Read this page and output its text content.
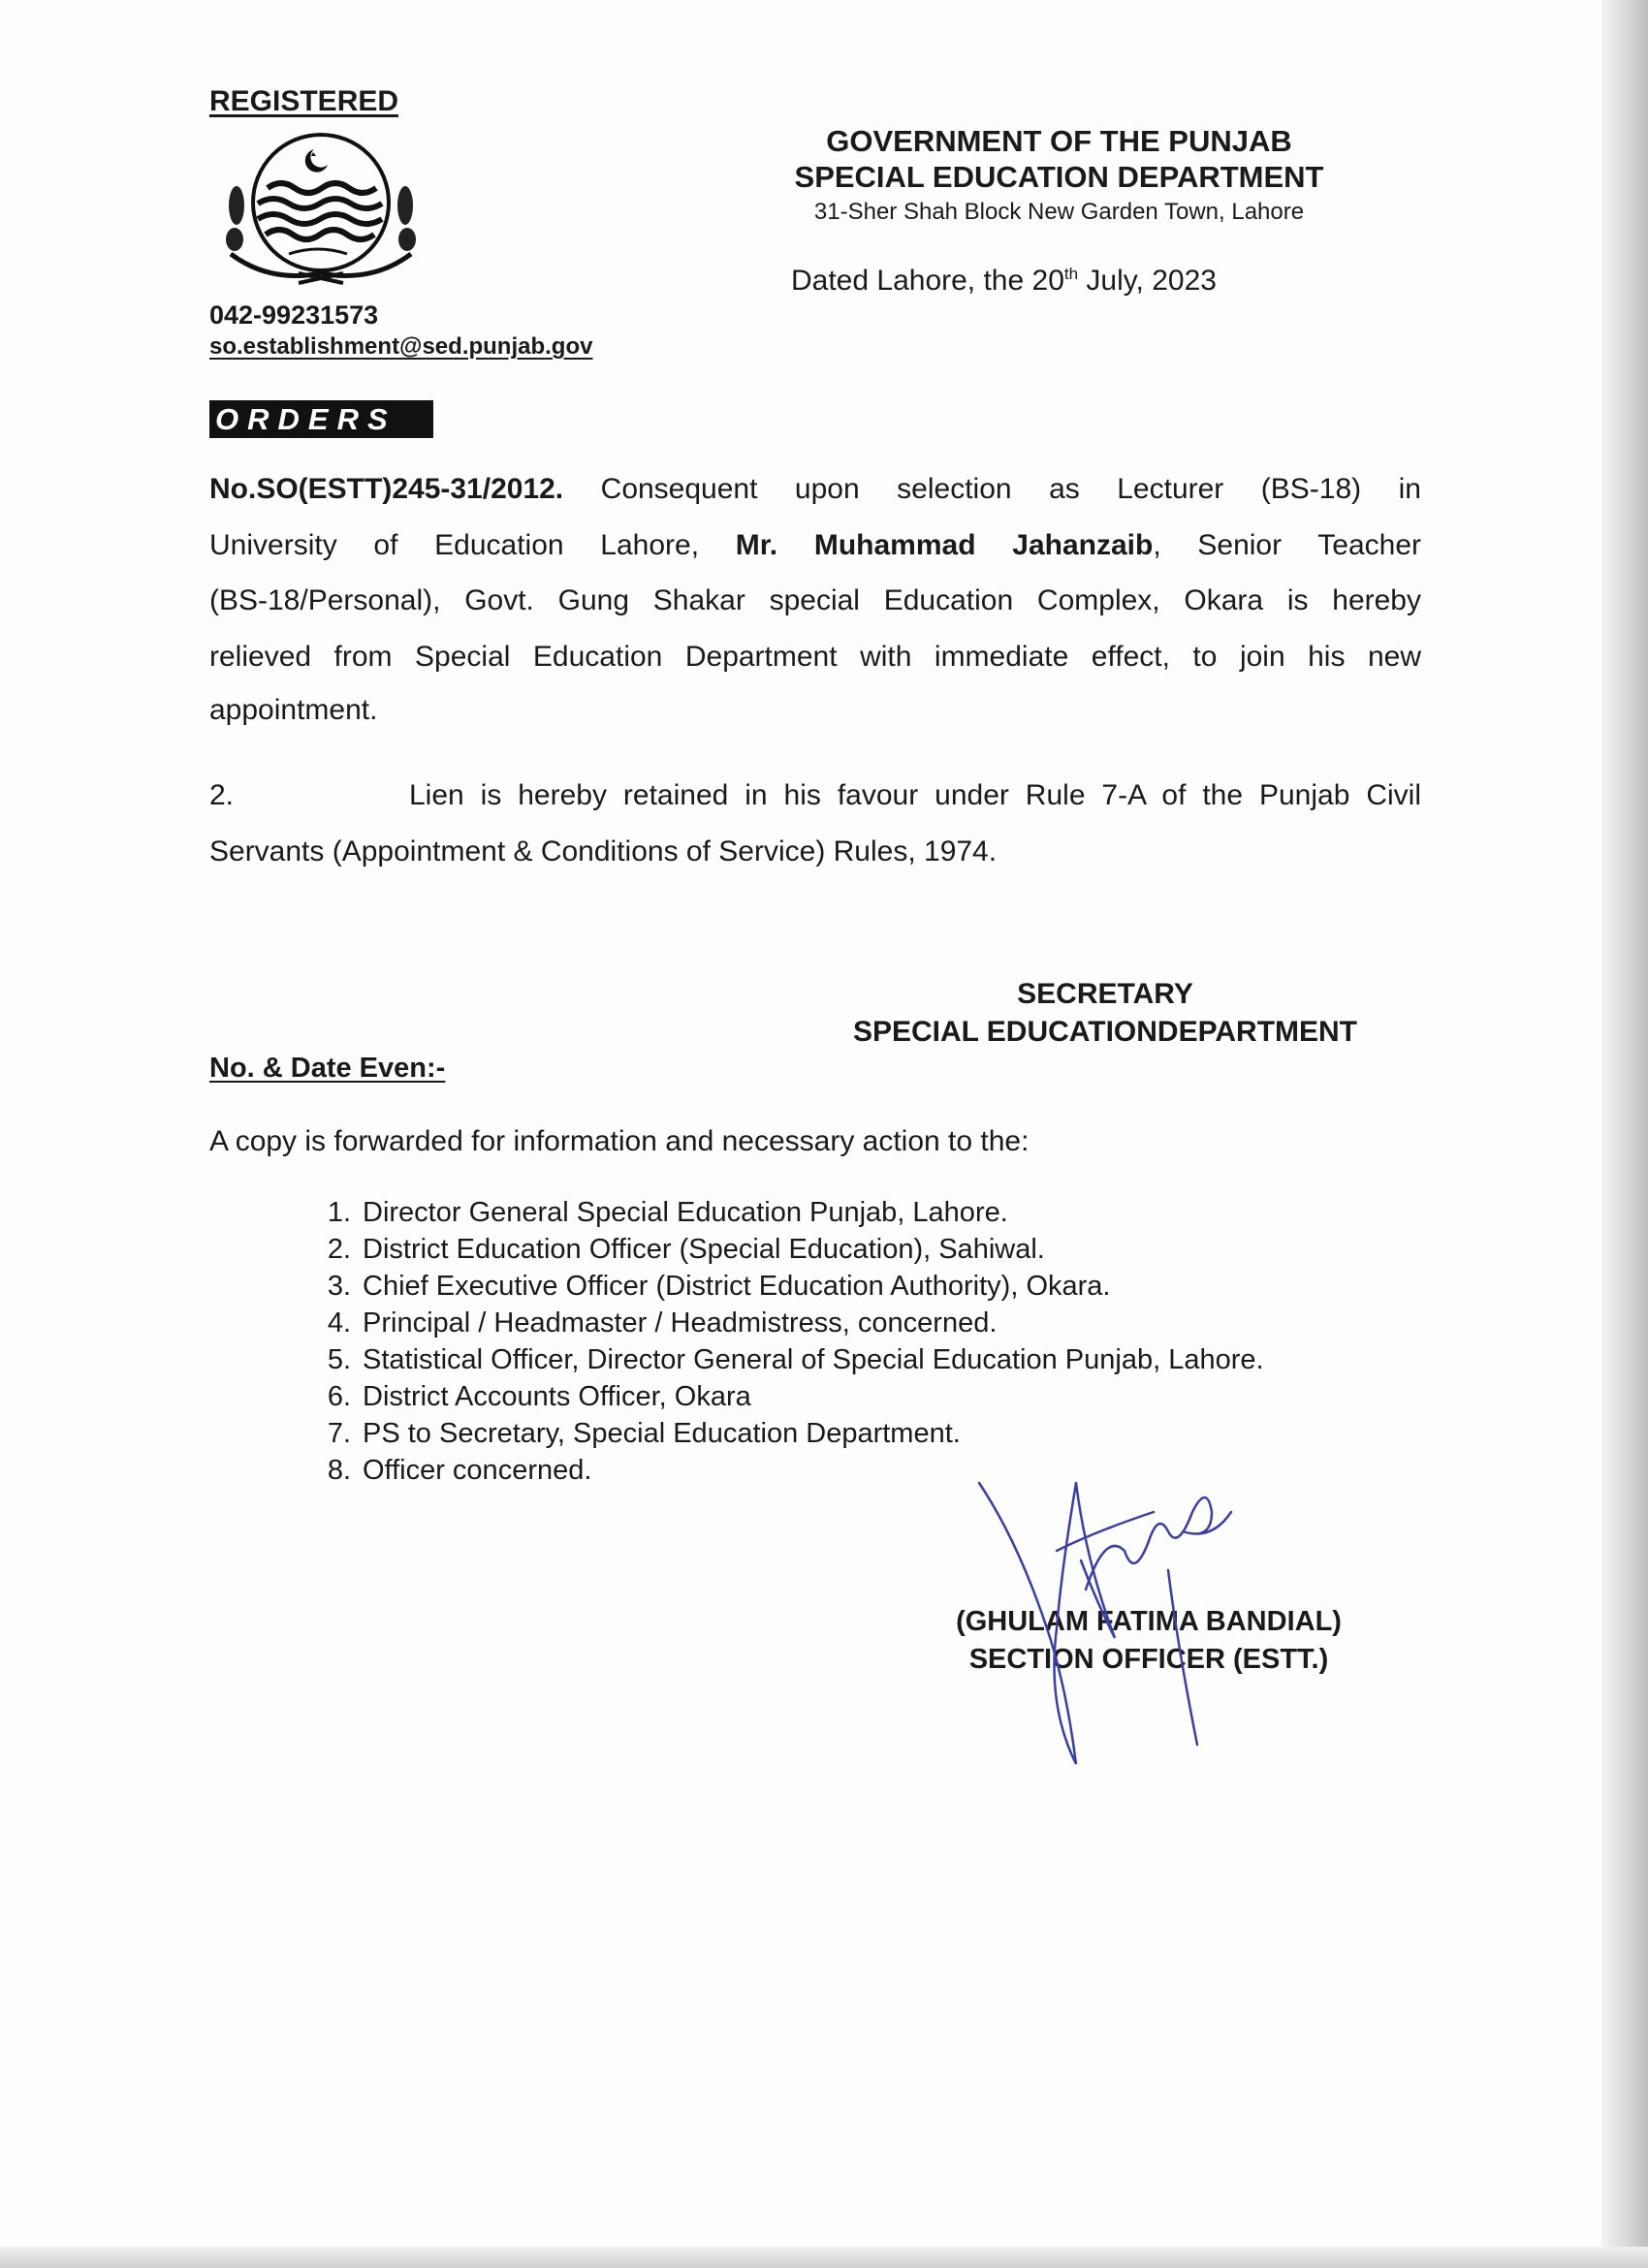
REGISTERED
042-99231573
so.establishment@sed.punjab.gov
GOVERNMENT OF THE PUNJAB
SPECIAL EDUCATION DEPARTMENT
31-Sher Shah Block New Garden Town, Lahore
Dated Lahore, the 20th July, 2023
ORDERS
No.SO(ESTT)245-31/2012. Consequent upon selection as Lecturer (BS-18) in
University of Education Lahore, Mr. Muhammad Jahanzaib, Senior Teacher
(BS-18/Personal), Govt. Gung Shakar special Education Complex, Okara is hereby
relieved from Special Education Department with immediate effect, to join his new
appointment.
2.	Lien is hereby retained in his favour under Rule 7-A of the Punjab Civil
Servants (Appointment & Conditions of Service) Rules, 1974.
SECRETARY
SPECIAL EDUCATIONDEPARTMENT
No. & Date Even:-
A copy is forwarded for information and necessary action to the:
1. Director General Special Education Punjab, Lahore.
2. District Education Officer (Special Education), Sahiwal.
3. Chief Executive Officer (District Education Authority), Okara.
4. Principal / Headmaster / Headmistress, concerned.
5. Statistical Officer, Director General of Special Education Punjab, Lahore.
6. District Accounts Officer, Okara
7. PS to Secretary, Special Education Department.
8. Officer concerned.
(GHULAM FATIMA BANDIAL)
SECTION OFFICER (ESTT.)
